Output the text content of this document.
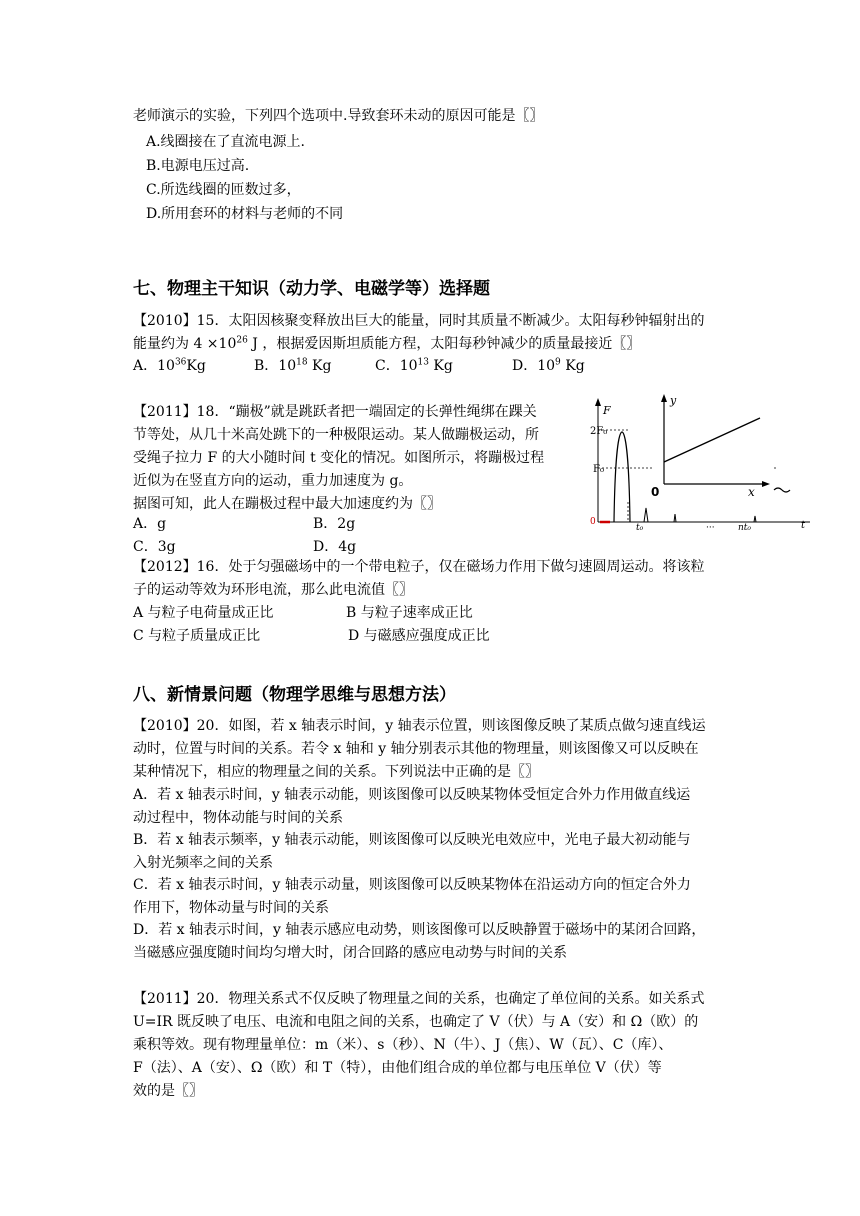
老师演示的实验，下列四个选项中.导致套环未动的原因可能是〖〗
A.线圈接在了直流电源上.
B.电源电压过高.
C.所选线圈的匝数过多，
D.所用套环的材料与老师的不同
七、物理主干知识（动力学、电磁学等）选择题
【2010】15．太阳因核聚变释放出巨大的能量，同时其质量不断减少。太阳每秒钟辐射出的
能量约为 $4 \times 10^{26}$ J ，根据爱因斯坦质能方程，太阳每秒钟减少的质量最接近〖〗
A．$10^{36}Kg$	B．$10^{18}$ Kg	C．$10^{13}$ Kg	D．$10^9$ Kg
【2011】18．“蹦极”就是跳跃者把一端固定的长弹性绳绑在踝关
节等处，从几十米高处跳下的一种极限运动。某人做蹦极运动，所
受绳子拉力 F 的大小随时间 t 变化的情况。如图所示，将蹦极过程
近似为在竖直方向的运动，重力加速度为 g。
据图可知，此人在蹦极过程中最大加速度约为〖〗
A．g	B．2g
C．3g	D．4g
F
t
2F₀
F₀
0
t₀	···	nt₀
y
x
0
【2012】16．处于匀强磁场中的一个带电粒子，仅在磁场力作用下做匀速圆周运动。将该粒
子的运动等效为环形电流，那么此电流值〖〗
A 与粒子电荷量成正比	B 与粒子速率成正比
C 与粒子质量成正比	D 与磁感应强度成正比
八、新情景问题（物理学思维与思想方法）
【2010】20．如图，若 x 轴表示时间，y 轴表示位置，则该图像反映了某质点做匀速直线运
动时，位置与时间的关系。若令 x 轴和 y 轴分别表示其他的物理量，则该图像又可以反映在
某种情况下，相应的物理量之间的关系。下列说法中正确的是〖〗
A．若 x 轴表示时间，y 轴表示动能，则该图像可以反映某物体受恒定合外力作用做直线运
动过程中，物体动能与时间的关系
B．若 x 轴表示频率，y 轴表示动能，则该图像可以反映光电效应中，光电子最大初动能与
入射光频率之间的关系
C．若 x 轴表示时间，y 轴表示动量，则该图像可以反映某物体在沿运动方向的恒定合外力
作用下，物体动量与时间的关系
D．若 x 轴表示时间，y 轴表示感应电动势，则该图像可以反映静置于磁场中的某闭合回路，
当磁感应强度随时间均匀增大时，闭合回路的感应电动势与时间的关系
【2011】20．物理关系式不仅反映了物理量之间的关系，也确定了单位间的关系。如关系式
U=IR 既反映了电压、电流和电阻之间的关系，也确定了 V（伏）与 A（安）和 Ω（欧）的
乘积等效。现有物理量单位：m（米）、s（秒）、N（牛）、J（焦）、W（瓦）、C（库）、
F（法）、A（安）、Ω（欧）和 T（特），由他们组合成的单位都与电压单位 V（伏）等
效的是〖〗
